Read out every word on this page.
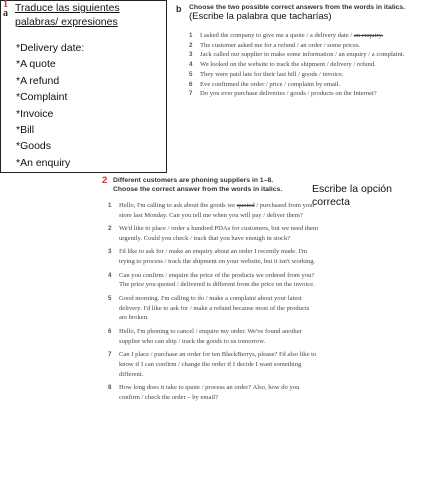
1
a Traduce las siguientes palabras/ expresiones
*Delivery date:
*A quote
*A refund
*Complaint
*Invoice
*Bill
*Goods
*An enquiry
b Choose the two possible correct answers from the words in italics. (Escribe la palabra que tacharías)
1 I asked the company to give me a quote / a delivery date / an enquiry.
2 The customer asked me for a refund / an order / some prices.
3 Jack called our supplier to make some information / an enquiry / a complaint.
4 We looked on the website to track the shipment / delivery / refund.
5 They were paid late for their last bill / goods / invoice.
6 Eve confirmed the order / price / complaint by email.
7 Do you ever purchase deliveries / goods / products on the Internet?
2 Different customers are phoning suppliers in 1–8.
Choose the correct answer from the words in italics.	Escribe la opción correcta
1 Hello, I'm calling to ask about the goods we quoted / purchased from your store last Monday. Can you tell me when you will pay / deliver them?
2 We'd like to place / order a hundred PDAs for customers, but we need them urgently. Could you check / track that you have enough in stock?
3 I'd like to ask for / make an enquiry about an order I recently made. I'm trying to process / track the shipment on your website, but it isn't working.
4 Can you confirm / enquire the price of the products we ordered from you? The price you quoted / delivered is different from the price on the invoice.
5 Good morning. I'm calling to do / make a complaint about your latest delivery. I'd like to ask for / make a refund because most of the products are broken.
6 Hello, I'm phoning to cancel / enquire my order. We've found another supplier who can ship / track the goods to us tomorrow.
7 Can I place / purchase an order for ten BlackBerrys, please? I'd also like to know if I can confirm / change the order if I decide I want something different.
8 How long does it take to quote / process an order? Also, how do you confirm / check the order – by email?
